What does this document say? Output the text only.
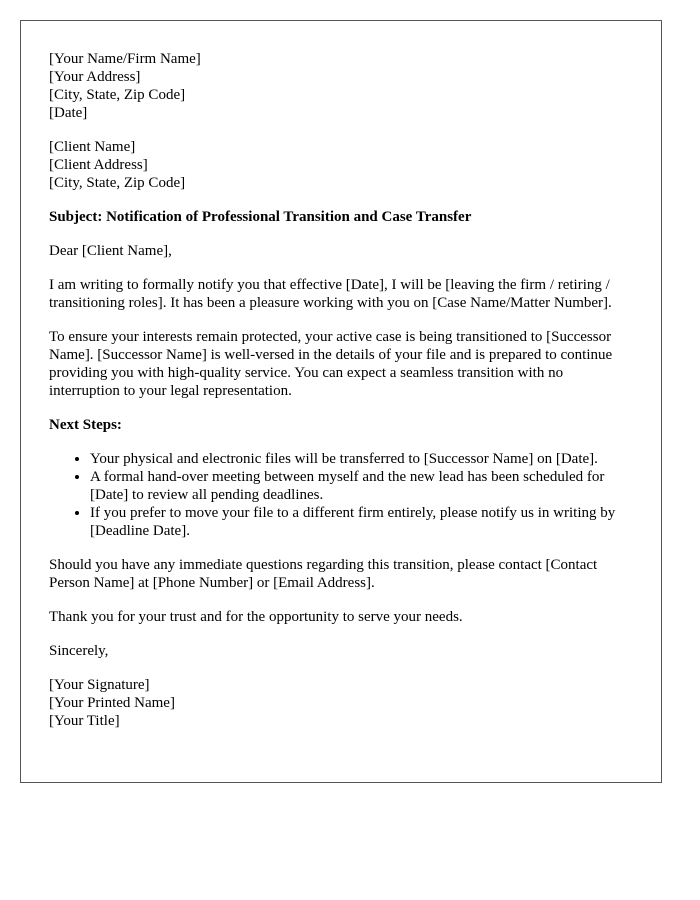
[Your Name/Firm Name]
[Your Address]
[City, State, Zip Code]
[Date]
[Client Name]
[Client Address]
[City, State, Zip Code]
Subject: Notification of Professional Transition and Case Transfer

Dear [Client Name],

I am writing to formally notify you that effective [Date], I will be [leaving the firm / retiring / transitioning roles]. It has been a pleasure working with you on [Case Name/Matter Number].

To ensure your interests remain protected, your active case is being transitioned to [Successor Name]. [Successor Name] is well-versed in the details of your file and is prepared to continue providing you with high-quality service. You can expect a seamless transition with no interruption to your legal representation.

Next Steps:
• Your physical and electronic files will be transferred to [Successor Name] on [Date].
• A formal hand-over meeting between myself and the new lead has been scheduled for [Date] to review all pending deadlines.
• If you prefer to move your file to a different firm entirely, please notify us in writing by [Deadline Date].

Should you have any immediate questions regarding this transition, please contact [Contact Person Name] at [Phone Number] or [Email Address].

Thank you for your trust and for the opportunity to serve your needs.

Sincerely,

[Your Signature]
[Your Printed Name]
[Your Title]
